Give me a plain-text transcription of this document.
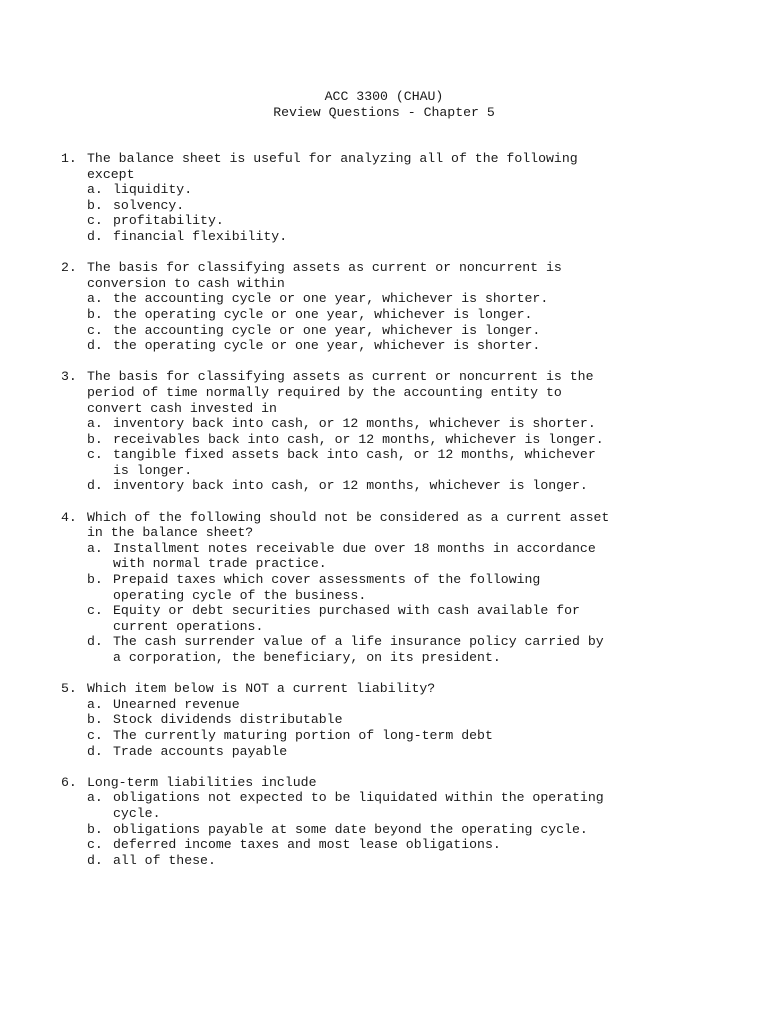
ACC 3300 (CHAU)
Review Questions - Chapter 5
1. The balance sheet is useful for analyzing all of the following except
a. liquidity.
b. solvency.
c. profitability.
d. financial flexibility.
2. The basis for classifying assets as current or noncurrent is conversion to cash within
a. the accounting cycle or one year, whichever is shorter.
b. the operating cycle or one year, whichever is longer.
c. the accounting cycle or one year, whichever is longer.
d. the operating cycle or one year, whichever is shorter.
3. The basis for classifying assets as current or noncurrent is the period of time normally required by the accounting entity to convert cash invested in
a. inventory back into cash, or 12 months, whichever is shorter.
b. receivables back into cash, or 12 months, whichever is longer.
c. tangible fixed assets back into cash, or 12 months, whichever is longer.
d. inventory back into cash, or 12 months, whichever is longer.
4. Which of the following should not be considered as a current asset in the balance sheet?
a. Installment notes receivable due over 18 months in accordance with normal trade practice.
b. Prepaid taxes which cover assessments of the following operating cycle of the business.
c. Equity or debt securities purchased with cash available for current operations.
d. The cash surrender value of a life insurance policy carried by a corporation, the beneficiary, on its president.
5. Which item below is NOT a current liability?
a. Unearned revenue
b. Stock dividends distributable
c. The currently maturing portion of long-term debt
d. Trade accounts payable
6. Long-term liabilities include
a. obligations not expected to be liquidated within the operating cycle.
b. obligations payable at some date beyond the operating cycle.
c. deferred income taxes and most lease obligations.
d. all of these.
